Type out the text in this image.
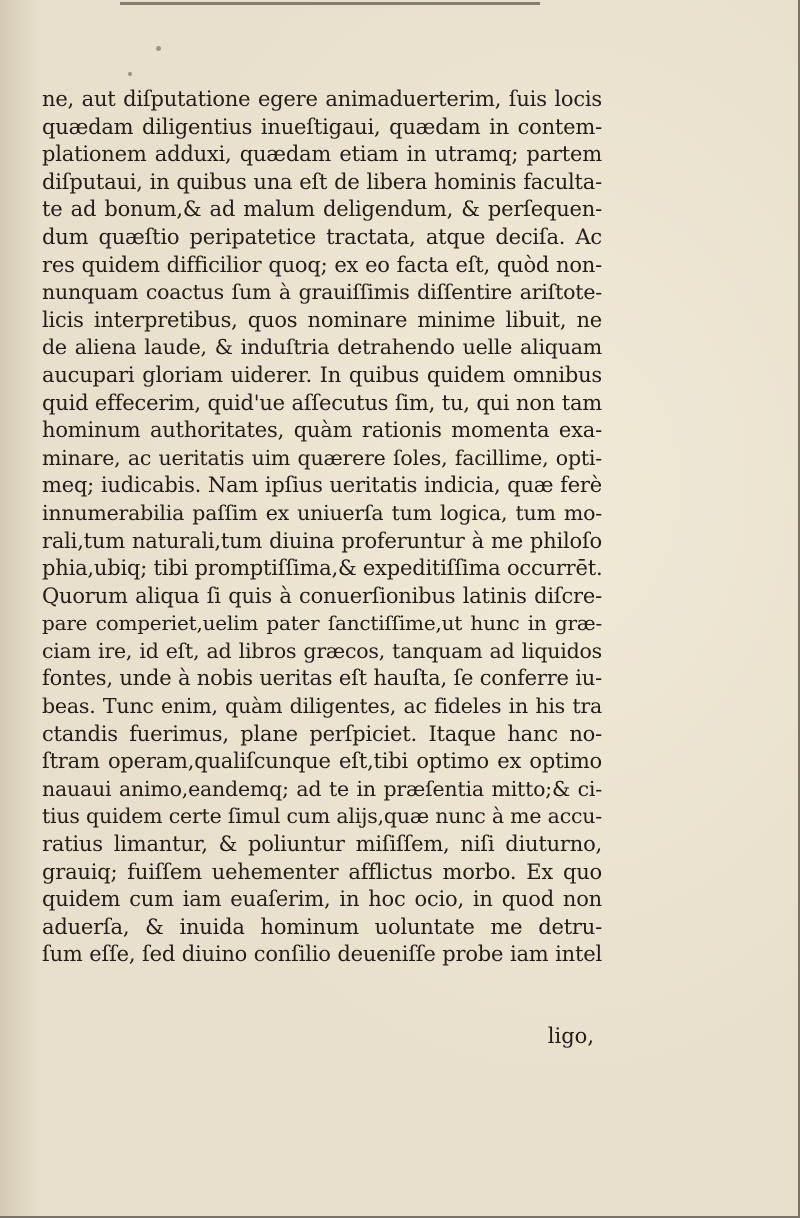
ne, aut diſputatione egere animaduerterim, ſuis locis
quædam diligentius inueſtigaui, quædam in contem-
plationem adduxi, quædam etiam in utramq; partem
diſputaui, in quibus una eſt de libera hominis faculta-
te ad bonum,& ad malum deligendum, & perſequen-
dum quæſtio peripatetice tractata, atque deciſa. Ac
res quidem difficilior quoq; ex eo facta eſt, quòd non-
nunquam coactus ſum à grauiſſimis diſſentire ariſtote-
licis interpretibus, quos nominare minime libuit, ne
de aliena laude, & induſtria detrahendo uelle aliquam
aucupari gloriam uiderer. In quibus quidem omnibus
quid effecerim, quid'ue aſſecutus ſim, tu, qui non tam
hominum authoritates, quàm rationis momenta exa-
minare, ac ueritatis uim quærere ſoles, facillime, opti-
meq; iudicabis. Nam ipſius ueritatis indicia, quæ ferè
innumerabilia paſſim ex uniuerſa tum logica, tum mo-
rali,tum naturali,tum diuina proferuntur à me philoſo
phia,ubiq; tibi promptiſſima,& expeditiſſima occurrēt.
Quorum aliqua ſi quis à conuerſionibus latinis diſcre-
pare comperiet,uelim pater ſanctiſſime,ut hunc in græ-
ciam ire, id eſt, ad libros græcos, tanquam ad liquidos
fontes, unde à nobis ueritas eſt hauſta, ſe conferre iu-
beas. Tunc enim, quàm diligentes, ac fideles in his tra
ctandis fuerimus, plane perſpiciet. Itaque hanc no-
ſtram operam,qualiſcunque eſt,tibi optimo ex optimo
nauaui animo,eandemq; ad te in præſentia mitto;& ci-
tius quidem certe ſimul cum alijs,quæ nunc à me accu-
ratius limantur, & poliuntur miſiſſem, niſi diuturno,
grauiq; fuiſſem uehementer afflictus morbo. Ex quo
quidem cum iam euaſerim, in hoc ocio, in quod non
aduerſa, & inuida hominum uoluntate me detru-
ſum eſſe, ſed diuino conſilio deueniſſe probe iam intel
ligo,
